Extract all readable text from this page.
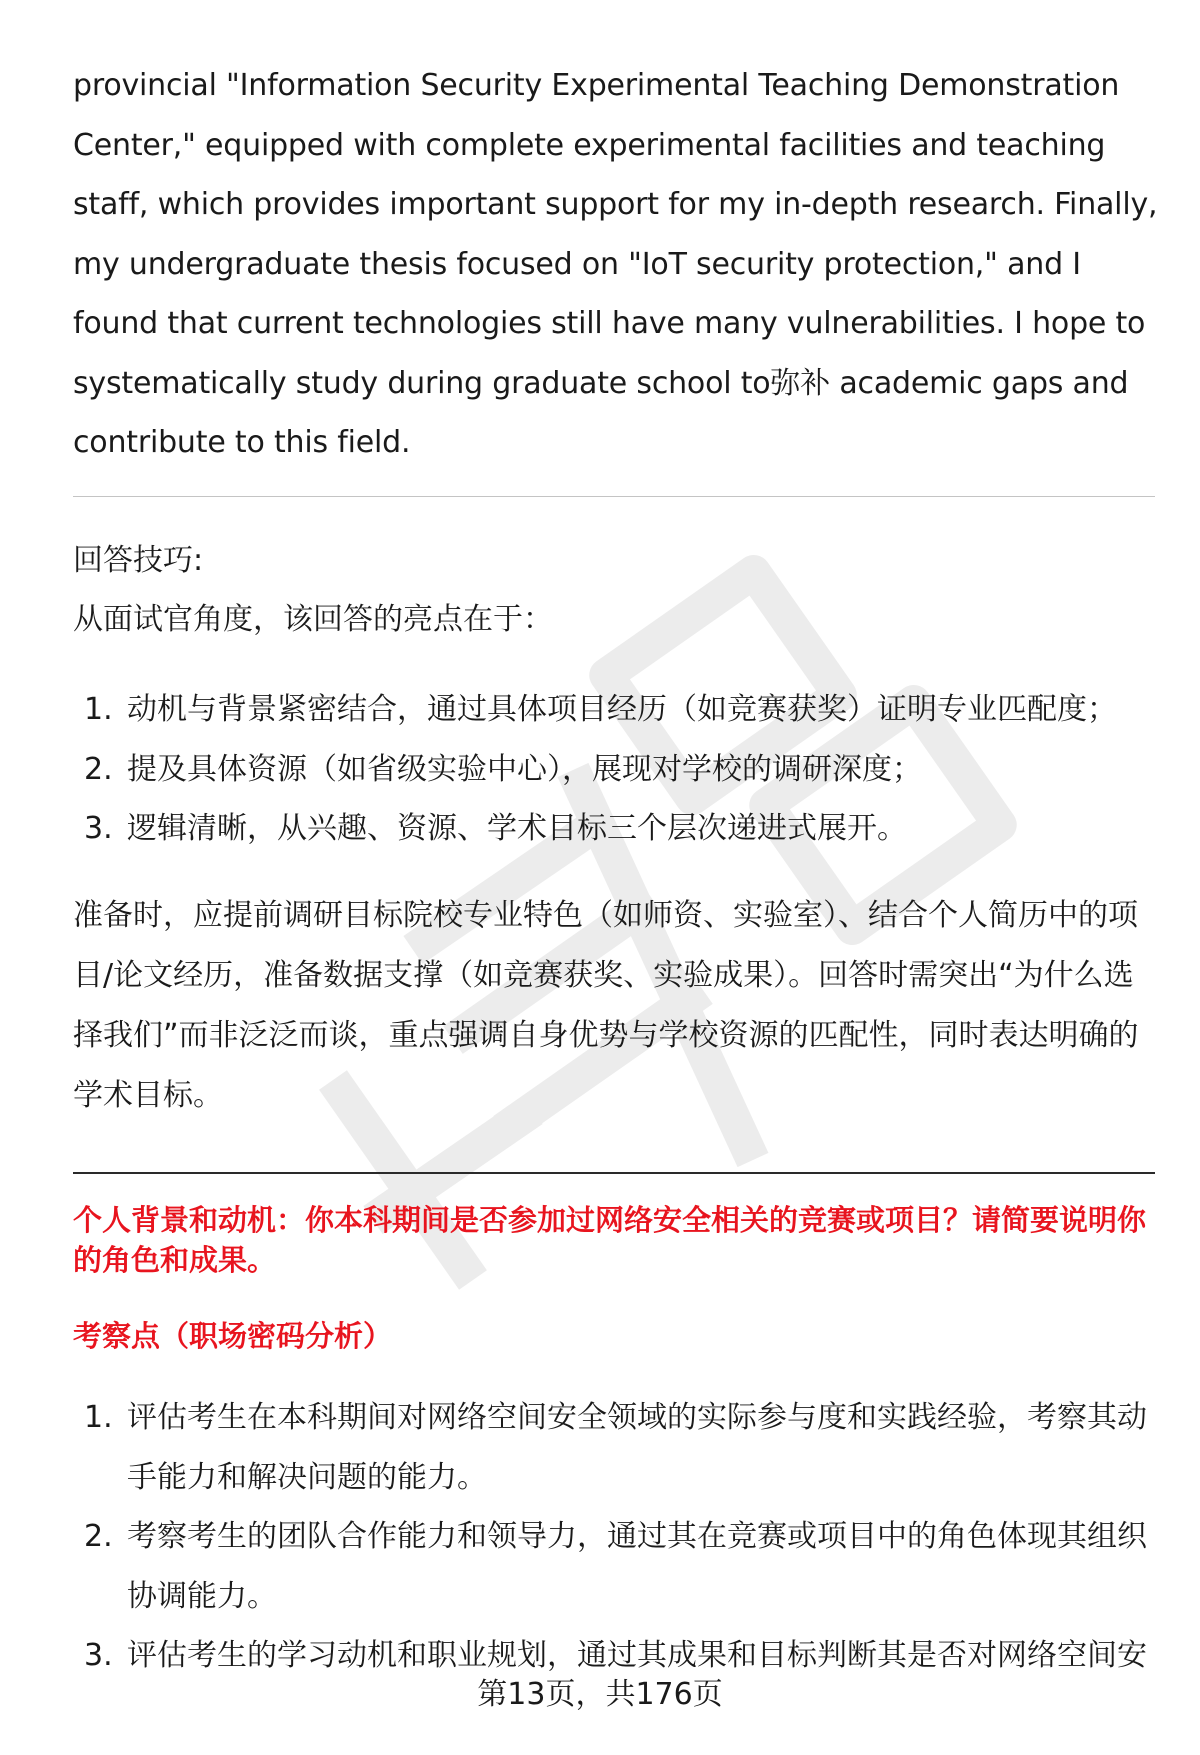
provincial "Information Security Experimental Teaching Demonstration Center," equipped with complete experimental facilities and teaching staff, which provides important support for my in-depth research. Finally, my undergraduate thesis focused on "IoT security protection," and I found that current technologies still have many vulnerabilities. I hope to systematically study during graduate school to弥补 academic gaps and contribute to this field.

回答技巧:

从面试官角度，该回答的亮点在于：

1. 动机与背景紧密结合，通过具体项目经历（如竞赛获奖）证明专业匹配度；
2. 提及具体资源（如省级实验中心），展现对学校的调研深度；
3. 逻辑清晰，从兴趣、资源、学术目标三个层次递进式展开。

准备时，应提前调研目标院校专业特色（如师资、实验室）、结合个人简历中的项目/论文经历，准备数据支撑（如竞赛获奖、实验成果）。回答时需突出“为什么选择我们”而非泛泛而谈，重点强调自身优势与学校资源的匹配性，同时表达明确的学术目标。

个人背景和动机：你本科期间是否参加过网络安全相关的竞赛或项目？请简要说明你的角色和成果。

考察点（职场密码分析）

1. 评估考生在本科期间对网络空间安全领域的实际参与度和实践经验，考察其动手能力和解决问题的能力。
2. 考察考生的团队合作能力和领导力，通过其在竞赛或项目中的角色体现其组织协调能力。
3. 评估考生的学习动机和职业规划，通过其成果和目标判断其是否对网络空间安
第13页，共176页
